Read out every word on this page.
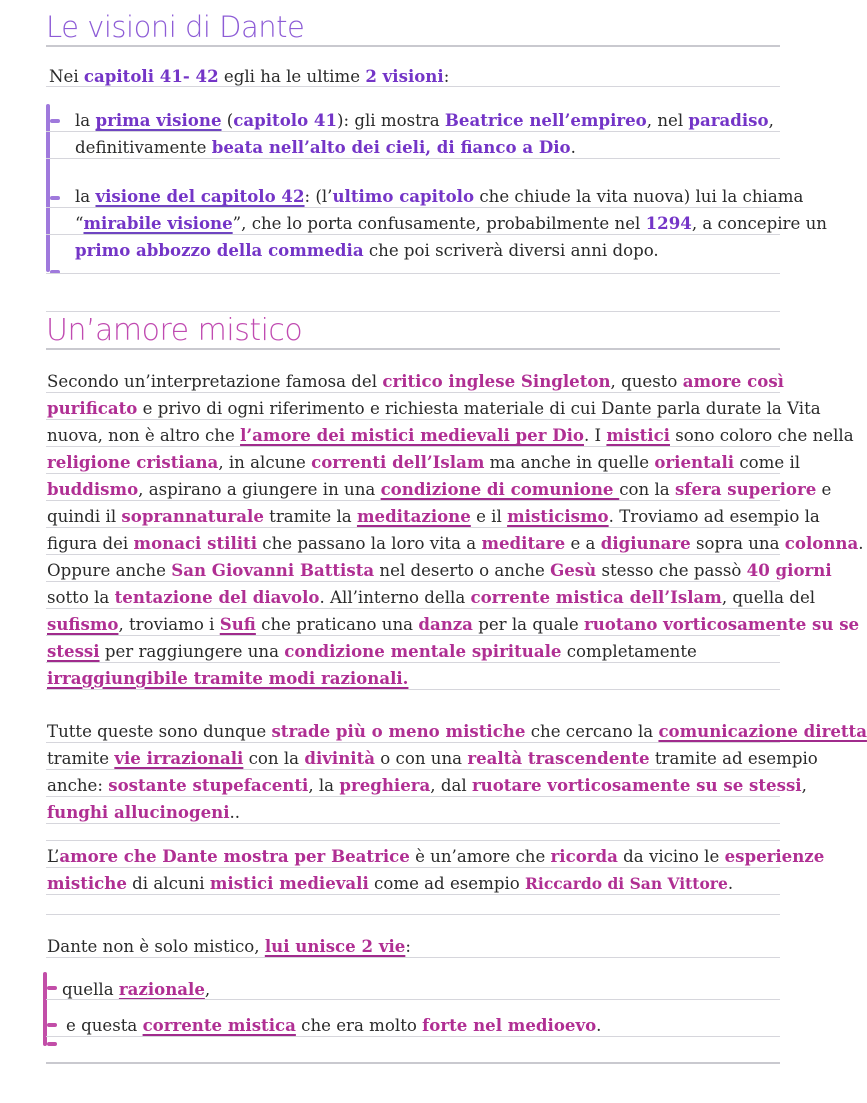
Le visioni di Dante
Nei capitoli 41- 42 egli ha le ultime 2 visioni:
la prima visione (capitolo 41): gli mostra Beatrice nell’empireo, nel paradiso,
definitivamente beata nell’alto dei cieli, di fianco a Dio.
la visione del capitolo 42: (l’ultimo capitolo che chiude la vita nuova) lui la chiama
“mirabile visione”, che lo porta confusamente, probabilmente nel 1294, a concepire un
primo abbozzo della commedia che poi scriverà diversi anni dopo.
Un’amore mistico
Secondo un’interpretazione famosa del critico inglese Singleton, questo amore così
purificato e privo di ogni riferimento e richiesta materiale di cui Dante parla durate la Vita
nuova, non è altro che l’amore dei mistici medievali per Dio. I mistici sono coloro che nella
religione cristiana, in alcune correnti dell’Islam ma anche in quelle orientali come il
buddismo, aspirano a giungere in una condizione di comunione con la sfera superiore e
quindi il soprannaturale tramite la meditazione e il misticismo. Troviamo ad esempio la
figura dei monaci stiliti che passano la loro vita a meditare e a digiunare sopra una colonna.
Oppure anche San Giovanni Battista nel deserto o anche Gesù stesso che passò 40 giorni
sotto la tentazione del diavolo. All’interno della corrente mistica dell’Islam, quella del
sufismo, troviamo i Sufi che praticano una danza per la quale ruotano vorticosamente su se
stessi per raggiungere una condizione mentale spirituale completamente
irraggiungibile tramite modi razionali.
Tutte queste sono dunque strade più o meno mistiche che cercano la comunicazione diretta
tramite vie irrazionali con la divinità o con una realtà trascendente tramite ad esempio
anche: sostante stupefacenti, la preghiera, dal ruotare vorticosamente su se stessi,
funghi allucinogeni..
L’amore che Dante mostra per Beatrice è un’amore che ricorda da vicino le esperienze
mistiche di alcuni mistici medievali come ad esempio Riccardo di San Vittore.
Dante non è solo mistico, lui unisce 2 vie:
quella razionale,
e questa corrente mistica che era molto forte nel medioevo.
